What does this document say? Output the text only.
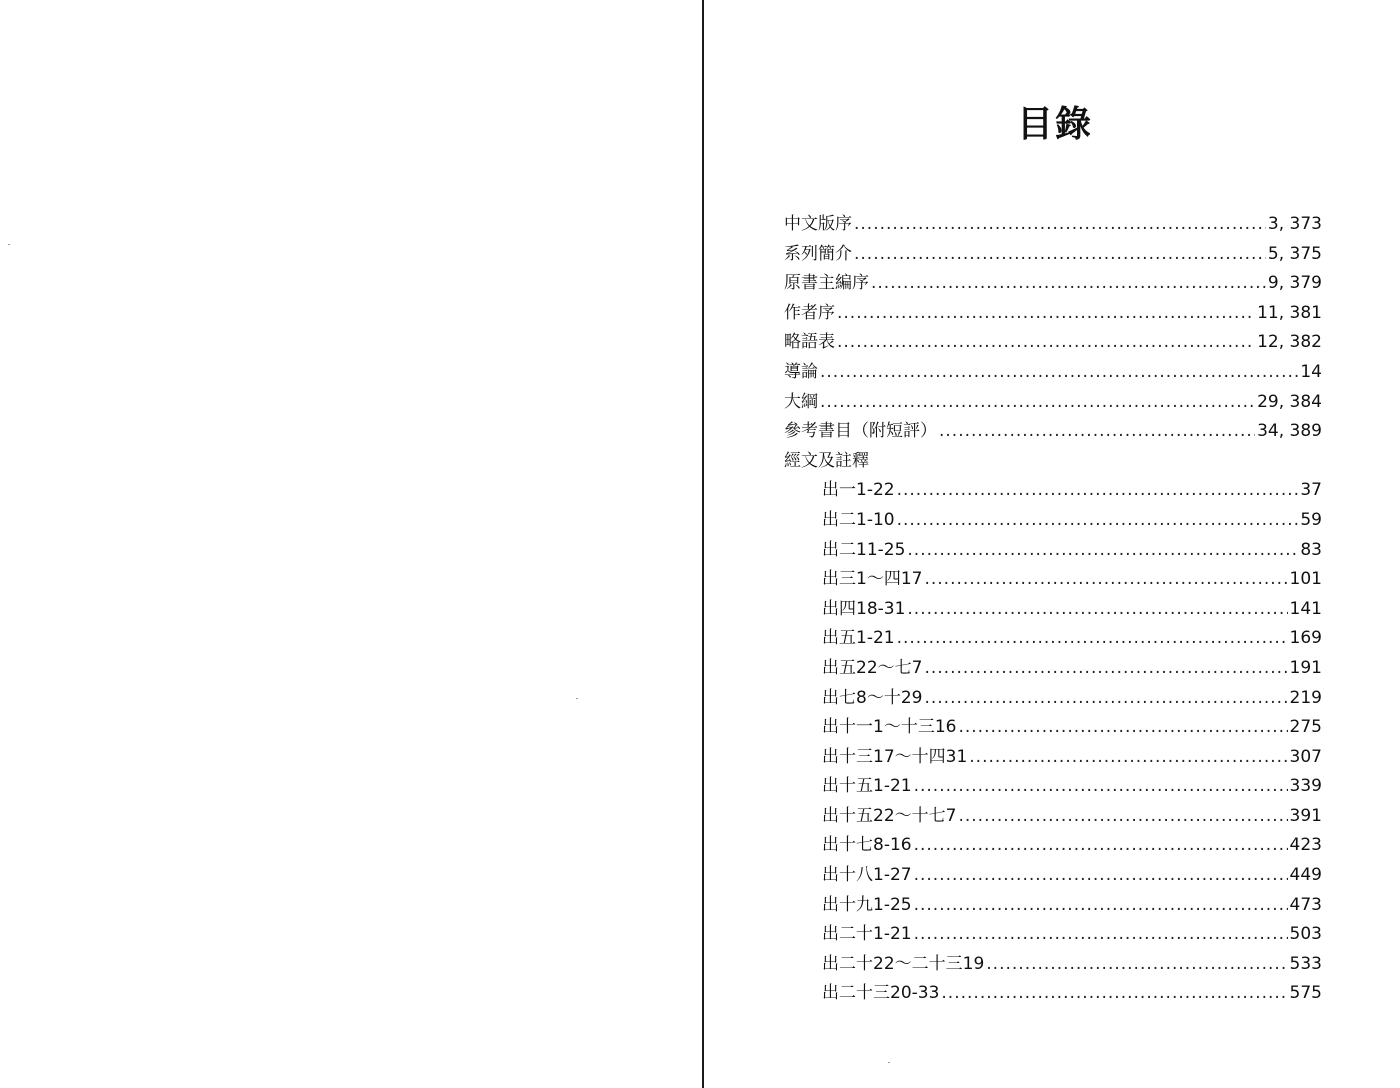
目錄
中文版序 .....	3, 373
系列簡介 .....	5, 375
原書主編序 .....	9, 379
作者序 .....	11, 381
略語表 .....	12, 382
導論 .....	14
大綱 .....	29, 384
參考書目（附短評） .....	34, 389
經文及註釋
出一1-22 .....	37
出二1-10 .....	59
出二11-25 .....	83
出三1～四17 .....	101
出四18-31 .....	141
出五1-21 .....	169
出五22～七7 .....	191
出七8～十29 .....	219
出十一1～十三16 .....	275
出十三17～十四31 .....	307
出十五1-21 .....	339
出十五22～十七7 .....	391
出十七8-16 .....	423
出十八1-27 .....	449
出十九1-25 .....	473
出二十1-21 .....	503
出二十22～二十三19 .....	533
出二十三20-33 .....	575
